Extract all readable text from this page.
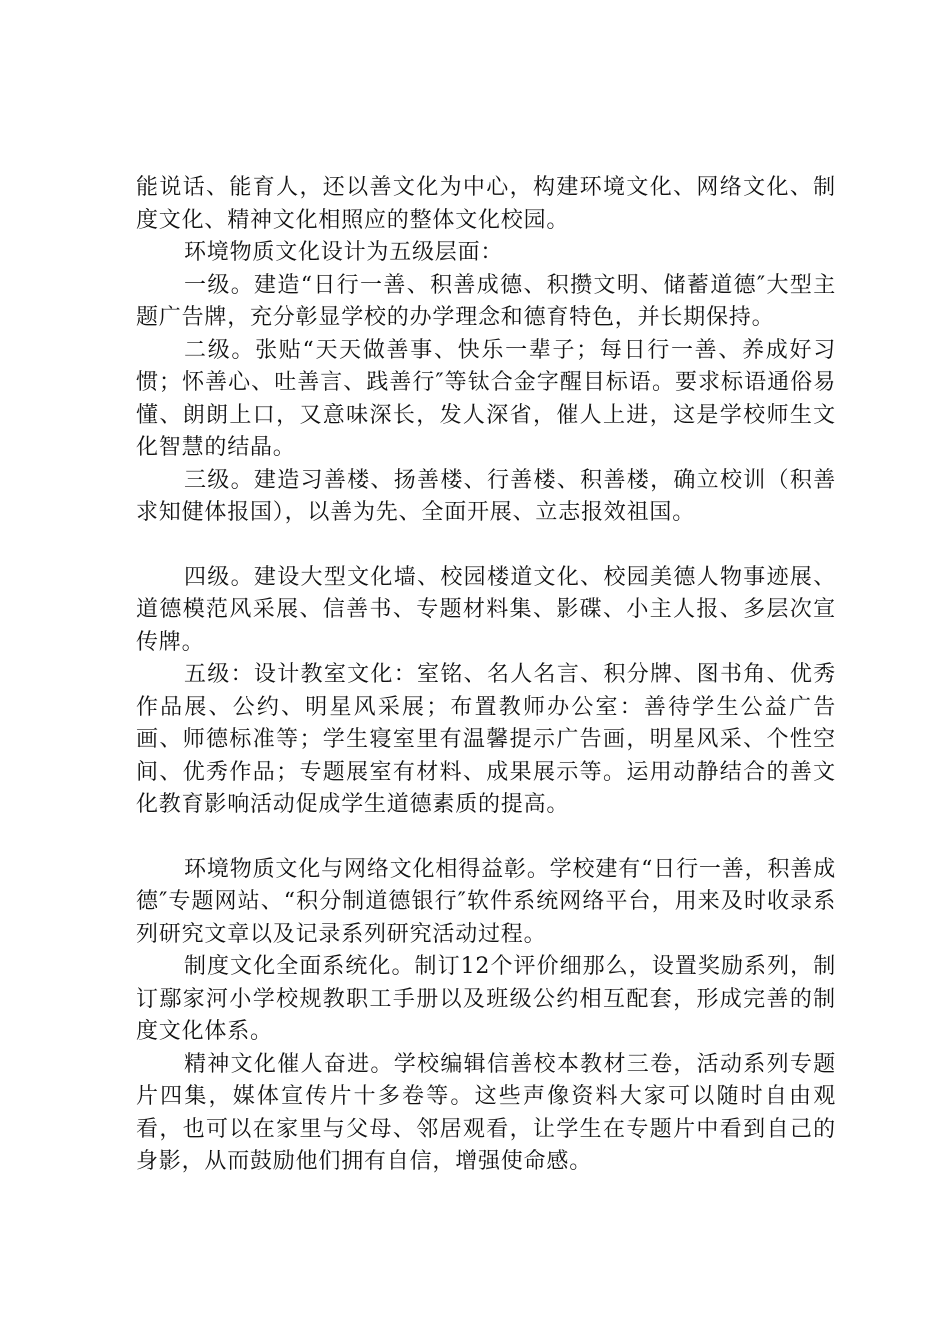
能说话、能育人，还以善文化为中心，构建环境文化、网络文化、制度文化、精神文化相照应的整体文化校园。

环境物质文化设计为五级层面：

一级。建造“日行一善、积善成德、积攒文明、储蓄道德″大型主题广告牌，充分彰显学校的办学理念和德育特色，并长期保持。

二级。张贴“天天做善事、快乐一辈子；每日行一善、养成好习惯；怀善心、吐善言、践善行″等钛合金字醒目标语。要求标语通俗易懂、朗朗上口，又意味深长，发人深省，催人上进，这是学校师生文化智慧的结晶。

三级。建造习善楼、扬善楼、行善楼、积善楼，确立校训（积善求知健体报国），以善为先、全面开展、立志报效祖国。

四级。建设大型文化墙、校园楼道文化、校园美德人物事迹展、道德模范风采展、信善书、专题材料集、影碟、小主人报、多层次宣传牌。

五级：设计教室文化：室铭、名人名言、积分牌、图书角、优秀作品展、公约、明星风采展；布置教师办公室：善待学生公益广告画、师德标准等；学生寝室里有温馨提示广告画，明星风采、个性空间、优秀作品；专题展室有材料、成果展示等。运用动静结合的善文化教育影响活动促成学生道德素质的提高。

环境物质文化与网络文化相得益彰。学校建有“日行一善，积善成德″专题网站、“积分制道德银行″软件系统网络平台，用来及时收录系列研究文章以及记录系列研究活动过程。

制度文化全面系统化。制订12个评价细那么，设置奖励系列，制订鄢家河小学校规教职工手册以及班级公约相互配套，形成完善的制度文化体系。

精神文化催人奋进。学校编辑信善校本教材三卷，活动系列专题片四集，媒体宣传片十多卷等。这些声像资料大家可以随时自由观看，也可以在家里与父母、邻居观看，让学生在专题片中看到自己的身影，从而鼓励他们拥有自信，增强使命感。
